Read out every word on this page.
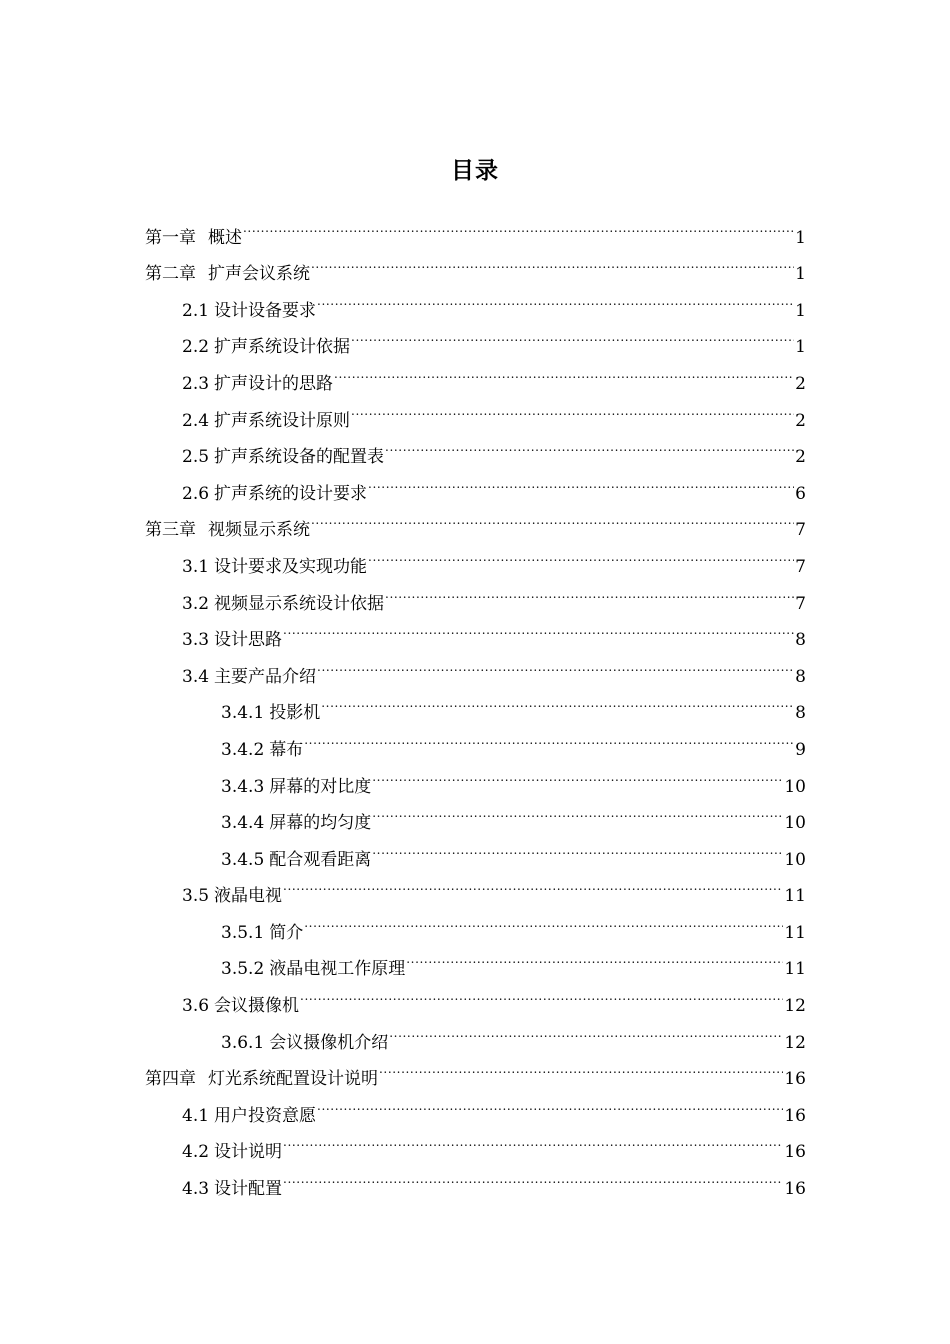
目录
第一章 概述 .....	1
第二章 扩声会议系统 .....	1
2.1 设计设备要求 .....	1
2.2 扩声系统设计依据 .....	1
2.3 扩声设计的思路 .....	2
2.4 扩声系统设计原则 .....	2
2.5 扩声系统设备的配置表 .....	2
2.6 扩声系统的设计要求 .....	6
第三章 视频显示系统 .....	7
3.1 设计要求及实现功能 .....	7
3.2 视频显示系统设计依据 .....	7
3.3 设计思路 .....	8
3.4 主要产品介绍 .....	8
3.4.1 投影机 .....	8
3.4.2 幕布 .....	9
3.4.3 屏幕的对比度 .....	10
3.4.4 屏幕的均匀度 .....	10
3.4.5 配合观看距离 .....	10
3.5 液晶电视 .....	11
3.5.1 简介 .....	11
3.5.2 液晶电视工作原理 .....	11
3.6 会议摄像机 .....	12
3.6.1 会议摄像机介绍 .....	12
第四章 灯光系统配置设计说明 .....	16
4.1 用户投资意愿 .....	16
4.2 设计说明 .....	16
4.3 设计配置 .....	16
